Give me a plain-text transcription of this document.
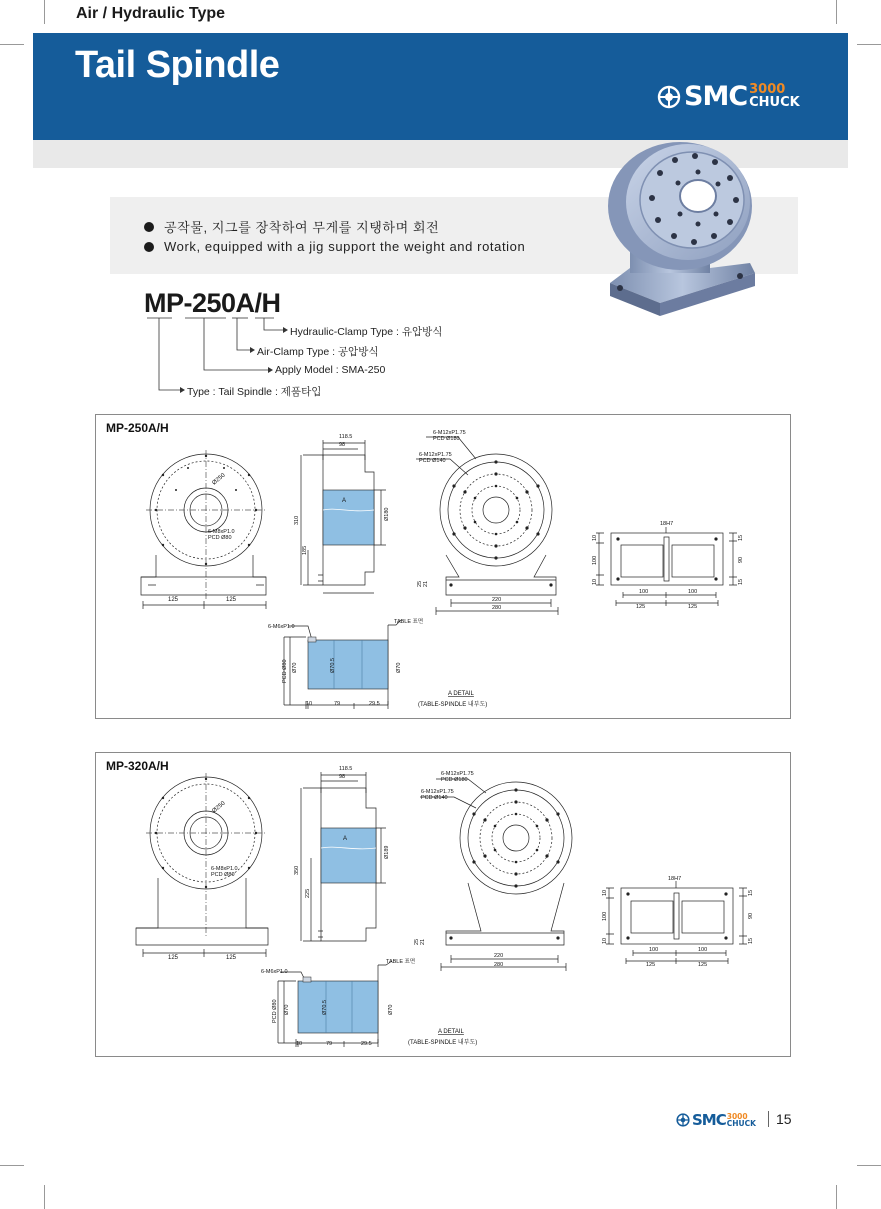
Tail Spindle
SMC 3000
CHUCK
Air / Hydraulic Type
공작물, 지그를 장착하여 무게를 지탱하며 회전
Work, equipped with a jig support the weight and rotation
MP-250A/H
Hydraulic-Clamp Type : 유압방식
Air-Clamp Type : 공압방식
Apply Model : SMA-250
Type : Tail Spindle : 제품타입
MP-250A/H
Ø250
6-M8xP1.0
PCD Ø80
125	125
118.5
98
310
185
Ø180
A
25 21
6-M12xP1.75
PCD Ø180
6-M12xP1.75
PCD Ø140
220
280
18H7
10
100
10
15
90
15
100	100
125	125
6-M6xP1.0
TABLE 표면
PCD Ø80 Ø70	Ø70.5	Ø70
10	79	29.5
A DETAIL
(TABLE-SPINDLE 내부도)
MP-320A/H
Ø250
6-M8xP1.0
PCD Ø80
125	125
118.5
98
350
225
Ø189
A
25 21
6-M12xP1.75
PCD Ø180
6-M12xP1.75
PCD Ø140
220
280
18H7
10
100
10
15
90
15
100	100
125	125
6-M6xP1.0
TABLE 표면
PCD Ø80 Ø70	Ø70.5	Ø70
10	79	29.5
A DETAIL
(TABLE-SPINDLE 내부도)
SMC 3000
CHUCK 15
